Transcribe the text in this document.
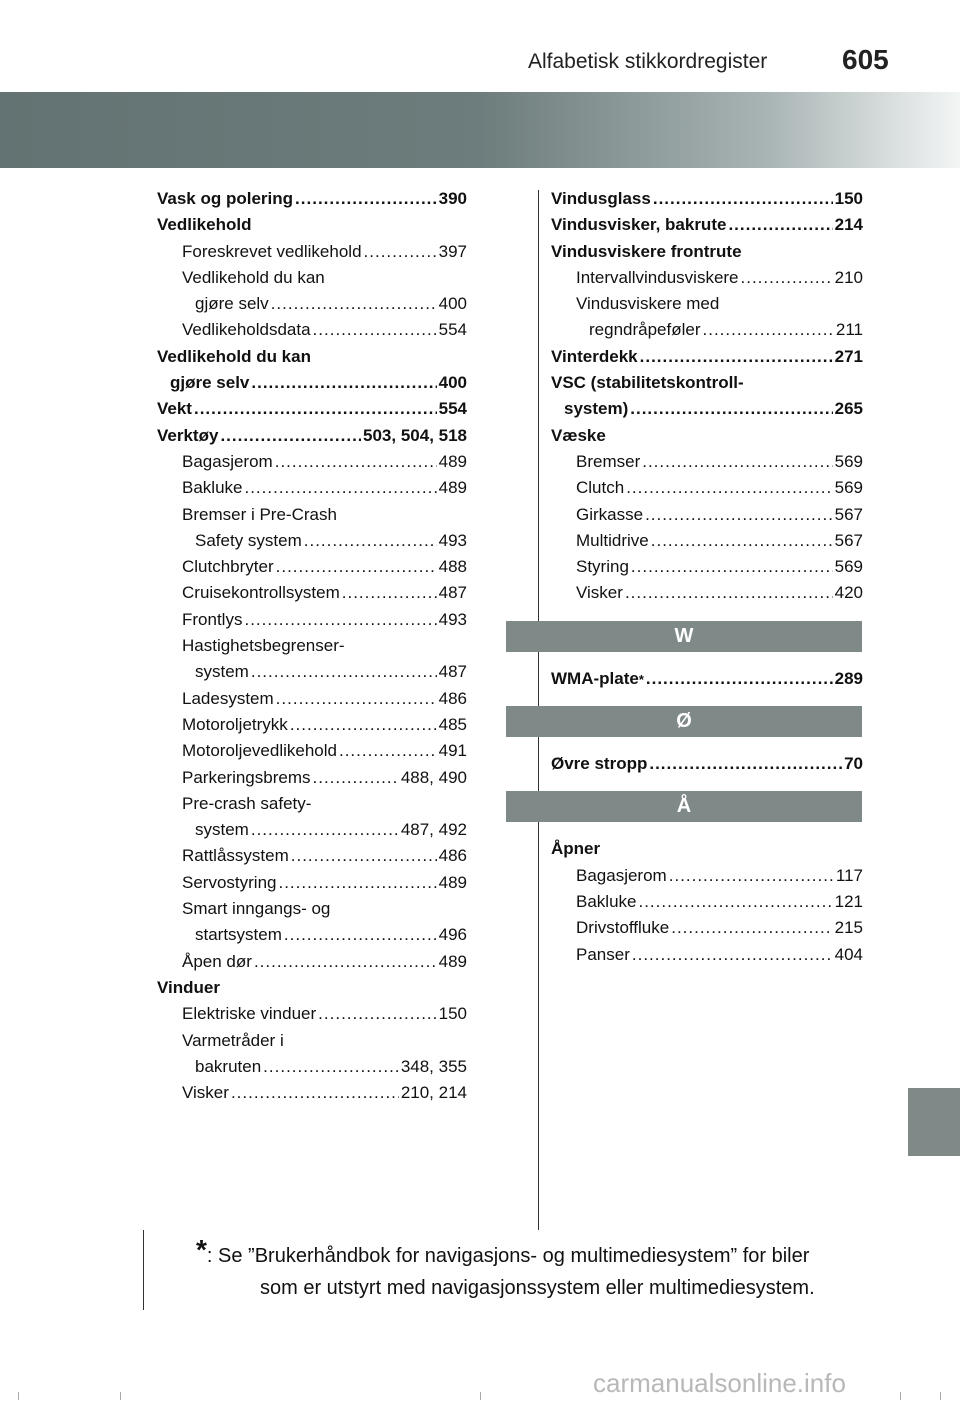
Alfabetisk stikkordregister	605
Vask og polering .....	390
Vedlikehold
Foreskrevet vedlikehold .....	397
Vedlikehold du kan
gjøre selv .....	400
Vedlikeholdsdata .....	554
Vedlikehold du kan
gjøre selv .....	400
Vekt .....	554
Verktøy .....	503, 504, 518
Bagasjerom .....	489
Bakluke .....	489
Bremser i Pre-Crash
Safety system .....	493
Clutchbryter .....	488
Cruisekontrollsystem .....	487
Frontlys .....	493
Hastighetsbegrenser-
system .....	487
Ladesystem .....	486
Motoroljetrykk .....	485
Motoroljevedlikehold .....	491
Parkeringsbrems .....	488, 490
Pre-crash safety-
system .....	487, 492
Rattlåssystem .....	486
Servostyring .....	489
Smart inngangs- og
startsystem .....	496
Åpen dør .....	489
Vinduer
Elektriske vinduer .....	150
Varmetråder i
bakruten .....	348, 355
Visker .....	210, 214
Vindusglass .....	150
Vindusvisker, bakrute .....	214
Vindusviskere frontrute
Intervallvindusviskere .....	210
Vindusviskere med
regndråpeføler .....	211
Vinterdekk .....	271
VSC (stabilitetskontroll-
system) .....	265
Væske
Bremser .....	569
Clutch .....	569
Girkasse .....	567
Multidrive .....	567
Styring .....	569
Visker .....	420
W
WMA-plate * .....	289
Ø
Øvre stropp .....	70
Å
Åpner
Bagasjerom .....	117
Bakluke .....	121
Drivstoffluke .....	215
Panser .....	404
*: Se ”Brukerhåndbok for navigasjons- og multimediesystem” for biler
som er utstyrt med navigasjonssystem eller multimediesystem.
carmanualsonline.info
